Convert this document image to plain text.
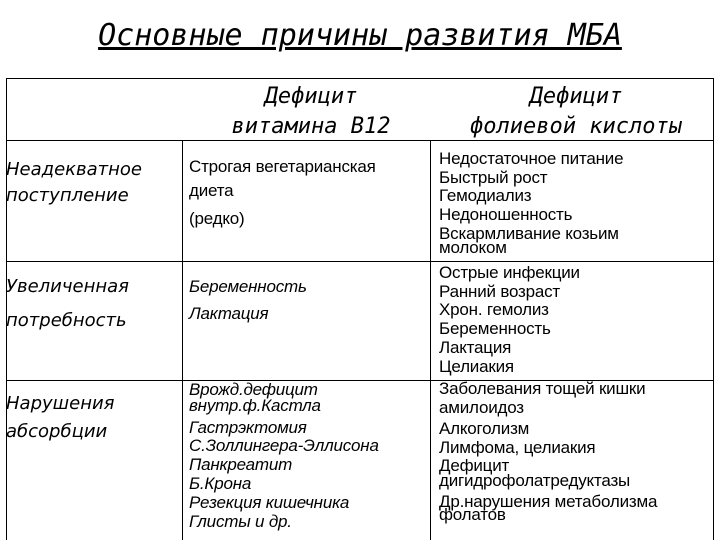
Основные причины развития МБА
Дефицит
витамина В12
Дефицит
фолиевой кислоты
Неадекватное
поступление
Строгая вегетарианская
диета
(редко)
Недостаточное питание
Быстрый рост
Гемодиализ
Недоношенность
Вскармливание козьим
молоком
Увеличенная
потребность
Беременность
Лактация
Острые инфекции
Ранний возраст
Хрон. гемолиз
Беременность
Лактация
Целиакия
Нарушения
абсорбции
Врожд.дефицит
внутр.ф.Кастла
Гастрэктомия
С.Золлингера-Эллисона
Панкреатит
Б.Крона
Резекция кишечника
Глисты и др.
Заболевания тощей кишки
амилоидоз
Алкоголизм
Лимфома, целиакия
Дефицит
дигидрофолатредуктазы
Др.нарушения метаболизма
фолатов
